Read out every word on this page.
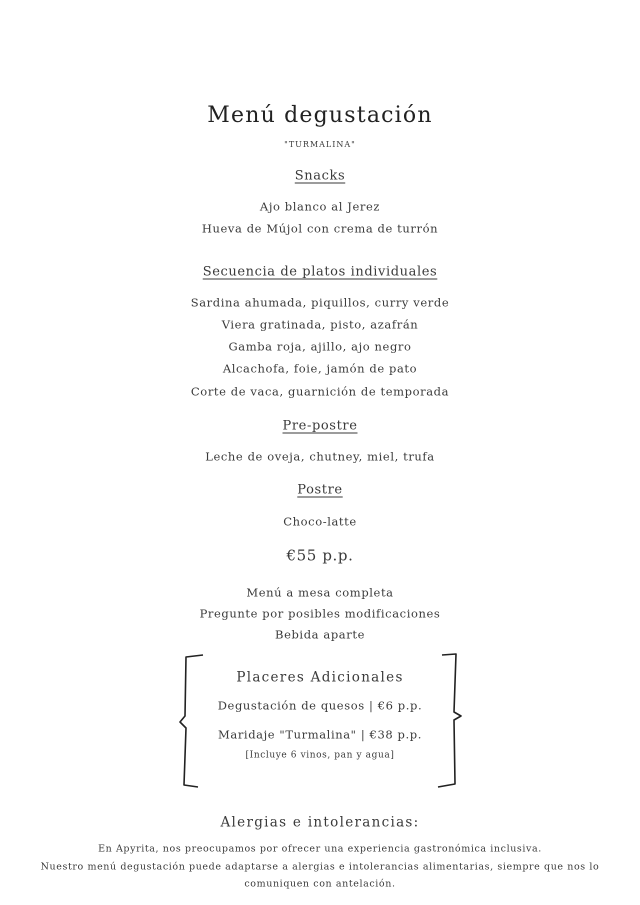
Menú degustación
"TURMALINA"
Snacks
Ajo blanco al Jerez
Hueva de Mújol con crema de turrón
Secuencia de platos individuales
Sardina ahumada, piquillos, curry verde
Viera gratinada, pisto, azafrán
Gamba roja, ajillo, ajo negro
Alcachofa, foie, jamón de pato
Corte de vaca, guarnición de temporada
Pre-postre
Leche de oveja, chutney, miel, trufa
Postre
Choco-latte
€55 p.p.
Menú a mesa completa
Pregunte por posibles modificaciones
Bebida aparte
Placeres Adicionales
Degustación de quesos | €6 p.p.
Maridaje "Turmalina" | €38 p.p.
[Incluye 6 vinos, pan y agua]
Alergias e intolerancias:
En Apyrita, nos preocupamos por ofrecer una experiencia gastronómica inclusiva.
Nuestro menú degustación puede adaptarse a alergias e intolerancias alimentarias, siempre que nos lo
comuniquen con antelación.
